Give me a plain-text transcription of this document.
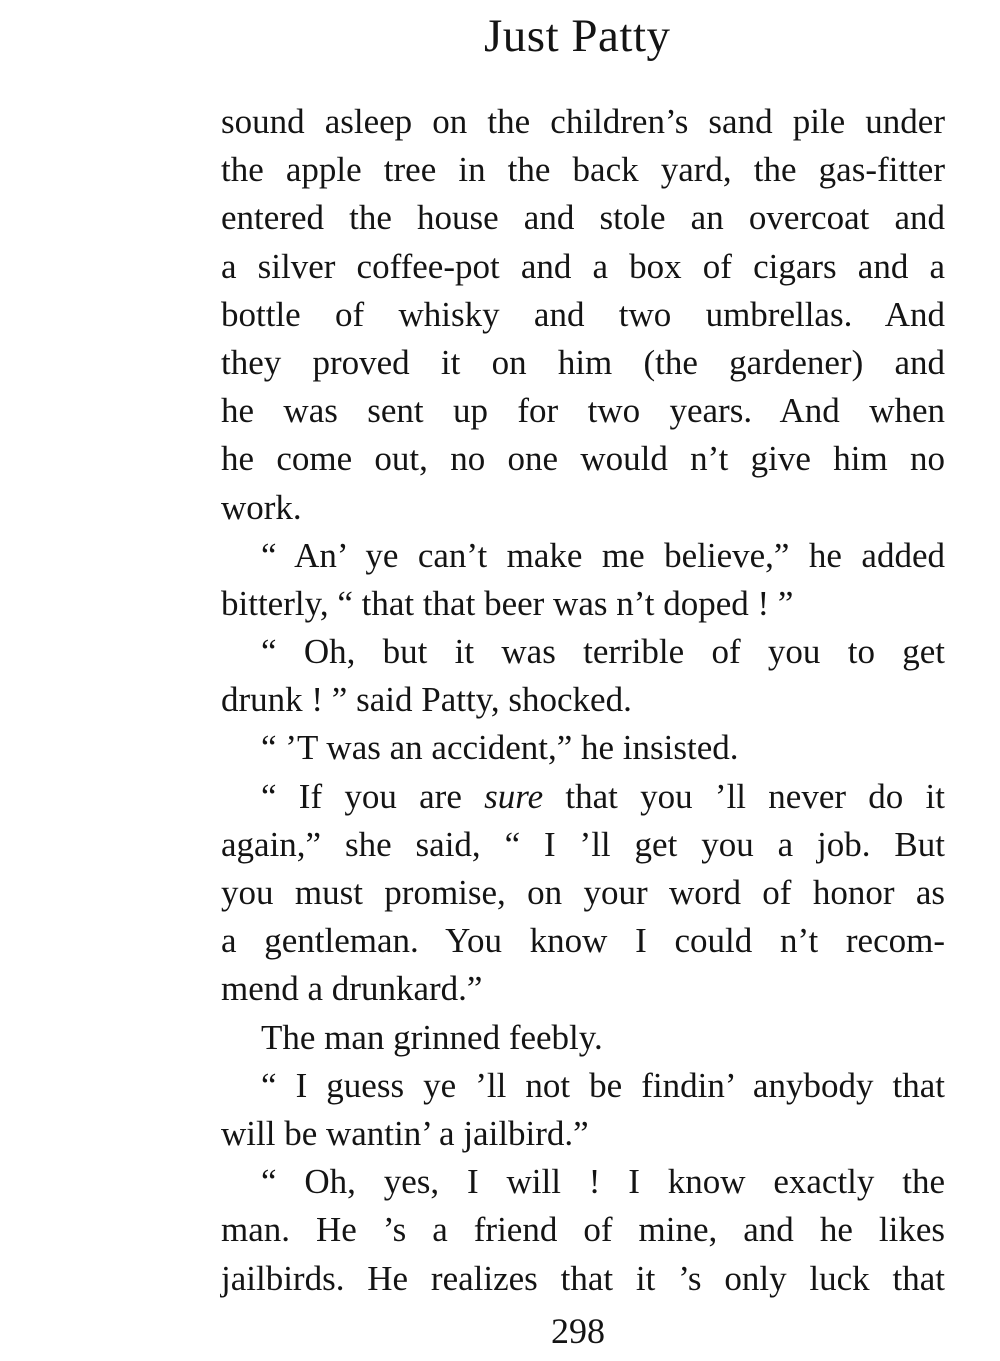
Just Patty
sound asleep on the children’s sand pile under
the apple tree in the back yard, the gas-fitter
entered the house and stole an overcoat and
a silver coffee-pot and a box of cigars and a
bottle of whisky and two umbrellas. And
they proved it on him (the gardener) and
he was sent up for two years. And when
he come out, no one would n’t give him no
work.
“ An’ ye can’t make me believe,” he added
bitterly, “ that that beer was n’t doped ! ”
“ Oh, but it was terrible of you to get
drunk ! ” said Patty, shocked.
“ ’T was an accident,” he insisted.
“ If you are sure that you ’ll never do it
again,” she said, “ I ’ll get you a job. But
you must promise, on your word of honor as
a gentleman. You know I could n’t recom-
mend a drunkard.”
The man grinned feebly.
“ I guess ye ’ll not be findin’ anybody that
will be wantin’ a jailbird.”
“ Oh, yes, I will ! I know exactly the
man. He ’s a friend of mine, and he likes
jailbirds. He realizes that it ’s only luck that
298
